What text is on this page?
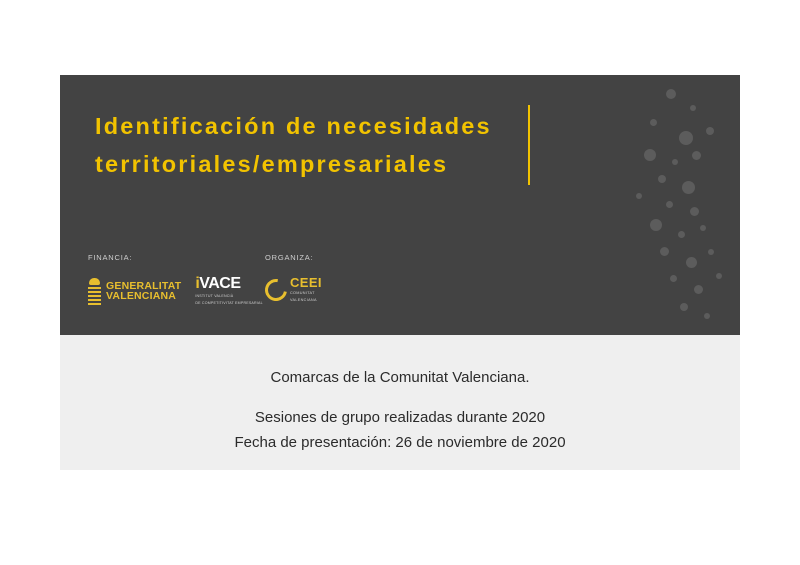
Identificación de necesidades
territoriales/empresariales
FINANCIA:
GENERALITAT
VALENCIANA
iVACE
INSTITUT VALENCIÀ
DE COMPETITIVITAT EMPRESARIAL
ORGANIZA:
CEEI
COMUNITAT
VALENCIANA
Comarcas de la Comunitat Valenciana.
Sesiones de grupo realizadas durante 2020
Fecha de presentación: 26 de noviembre de 2020
